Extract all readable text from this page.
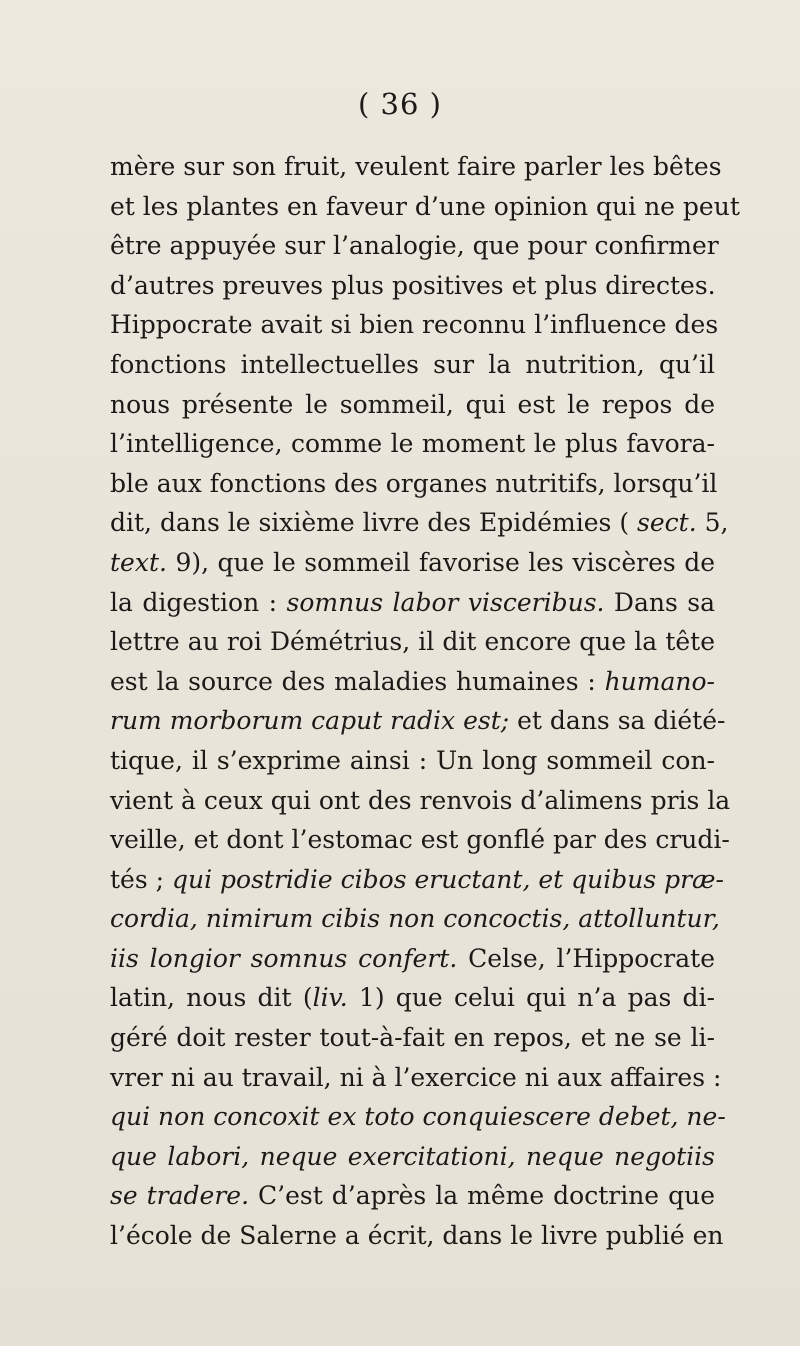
( 36 )
mère sur son fruit, veulent faire parler les bêtes
et les plantes en faveur d’une opinion qui ne peut
être appuyée sur l’analogie, que pour confirmer
d’autres preuves plus positives et plus directes.
Hippocrate avait si bien reconnu l’influence des
fonctions intellectuelles sur la nutrition, qu’il
nous présente le sommeil, qui est le repos de
l’intelligence, comme le moment le plus favora-
ble aux fonctions des organes nutritifs, lorsqu’il
dit, dans le sixième livre des Epidémies ( sect. 5,
text. 9), que le sommeil favorise les viscères de
la digestion : somnus labor visceribus. Dans sa
lettre au roi Démétrius, il dit encore que la tête
est la source des maladies humaines : humano-
rum morborum caput radix est; et dans sa diété-
tique, il s’exprime ainsi : Un long sommeil con-
vient à ceux qui ont des renvois d’alimens pris la
veille, et dont l’estomac est gonflé par des crudi-
tés ; qui postridie cibos eructant, et quibus præ-
cordia, nimirum cibis non concoctis, attolluntur,
iis longior somnus confert. Celse, l’Hippocrate
latin, nous dit (liv. 1) que celui qui n’a pas di-
géré doit rester tout-à-fait en repos, et ne se li-
vrer ni au travail, ni à l’exercice ni aux affaires :
qui non concoxit ex toto conquiescere debet, ne-
que labori, neque exercitationi, neque negotiis
se tradere. C’est d’après la même doctrine que
l’école de Salerne a écrit, dans le livre publié en
